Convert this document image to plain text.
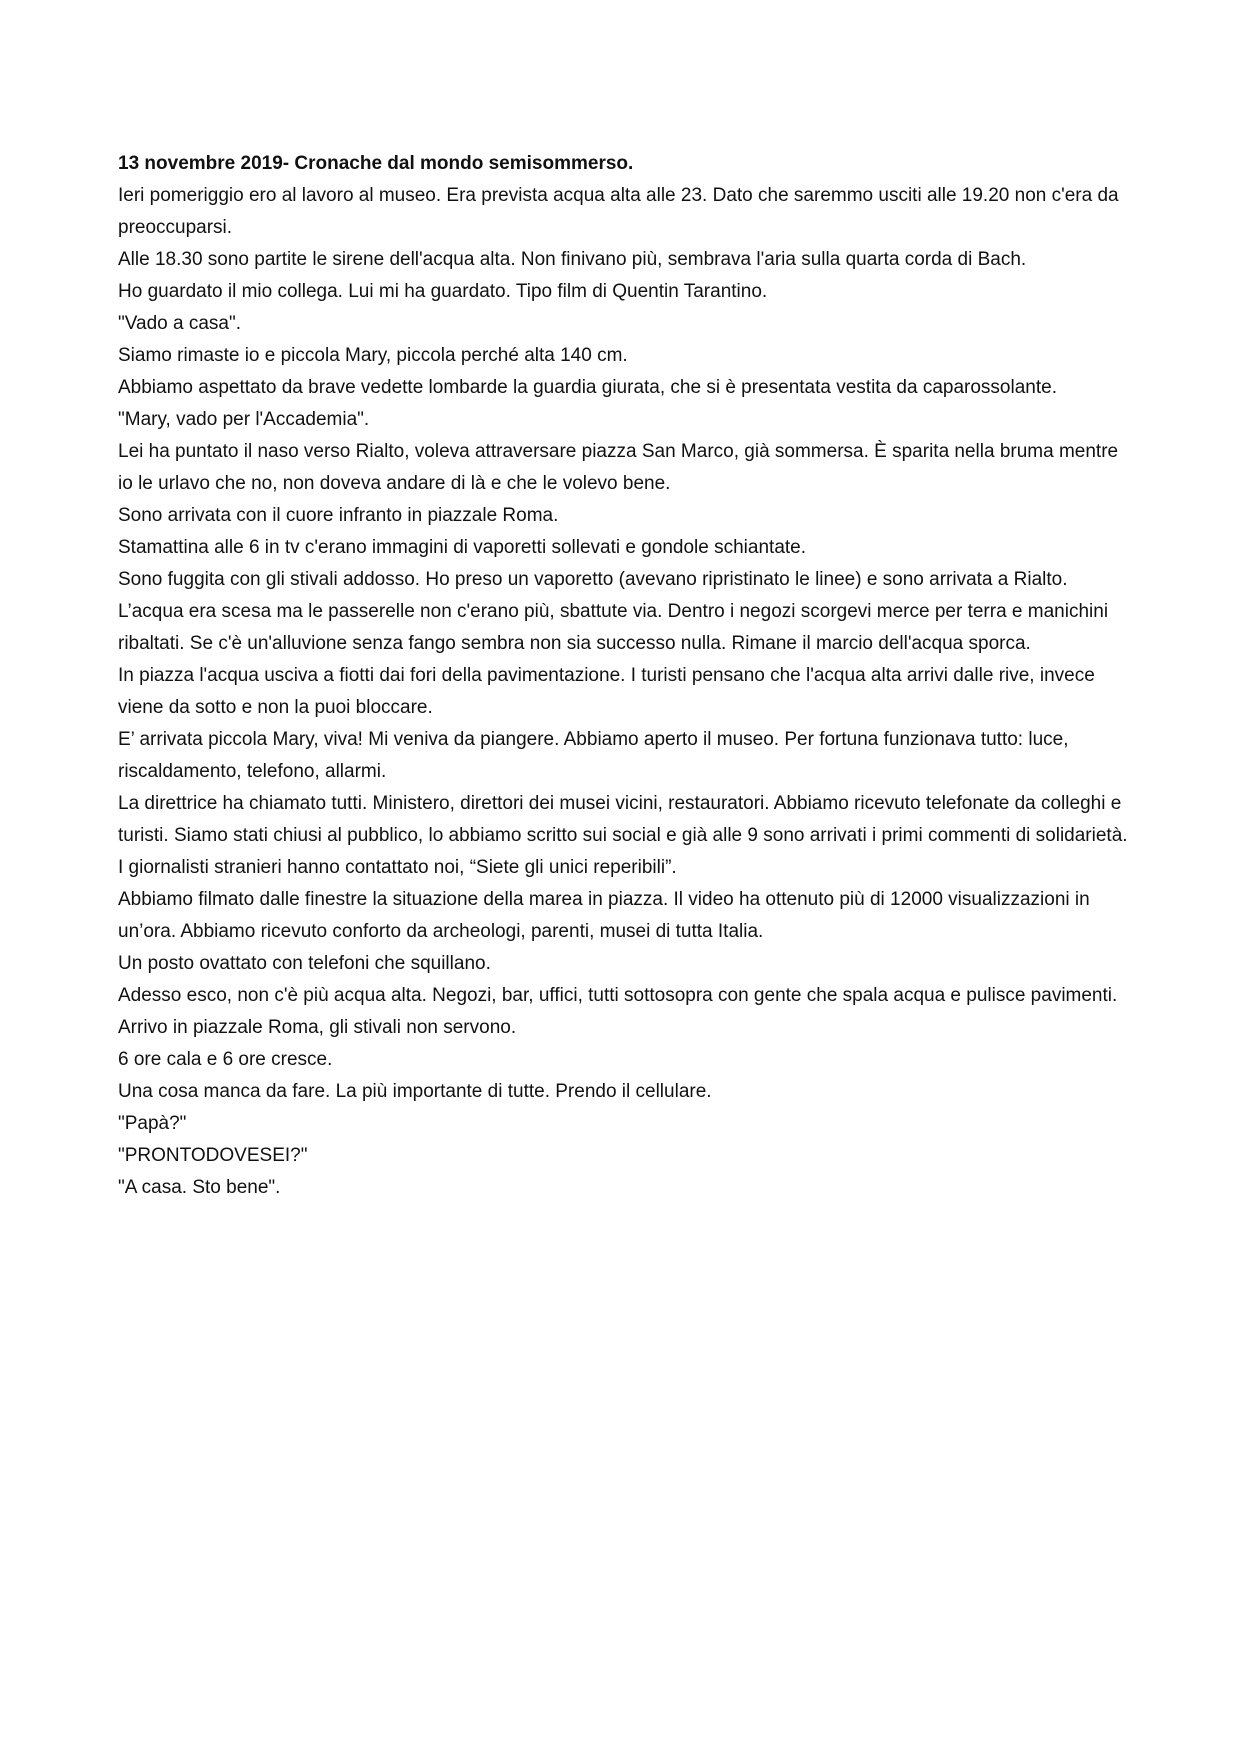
13 novembre 2019- Cronache dal mondo semisommerso.

Ieri pomeriggio ero al lavoro al museo. Era prevista acqua alta alle 23. Dato che saremmo usciti alle 19.20 non c'era da preoccuparsi.

Alle 18.30 sono partite le sirene dell'acqua alta. Non finivano più, sembrava l'aria sulla quarta corda di Bach.

Ho guardato il mio collega. Lui mi ha guardato. Tipo film di Quentin Tarantino.

"Vado a casa".

Siamo rimaste io e piccola Mary, piccola perché alta 140 cm.

Abbiamo aspettato da brave vedette lombarde la guardia giurata, che si è presentata vestita da caparossolante.

"Mary, vado per l'Accademia".

Lei ha puntato il naso verso Rialto, voleva attraversare piazza San Marco, già sommersa. È sparita nella bruma mentre io le urlavo che no, non doveva andare di là e che le volevo bene.

Sono arrivata con il cuore infranto in piazzale Roma.

Stamattina alle 6 in tv c'erano immagini di vaporetti sollevati e gondole schiantate.

Sono fuggita con gli stivali addosso. Ho preso un vaporetto (avevano ripristinato le linee) e sono arrivata a Rialto. L’acqua era scesa ma le passerelle non c'erano più, sbattute via. Dentro i negozi scorgevi merce per terra e manichini ribaltati. Se c'è un'alluvione senza fango sembra non sia successo nulla. Rimane il marcio dell'acqua sporca.

In piazza l'acqua usciva a fiotti dai fori della pavimentazione. I turisti pensano che l'acqua alta arrivi dalle rive, invece viene da sotto e non la puoi bloccare.

E’ arrivata piccola Mary, viva! Mi veniva da piangere. Abbiamo aperto il museo. Per fortuna funzionava tutto: luce, riscaldamento, telefono, allarmi.

La direttrice ha chiamato tutti. Ministero, direttori dei musei vicini, restauratori. Abbiamo ricevuto telefonate da colleghi e turisti. Siamo stati chiusi al pubblico, lo abbiamo scritto sui social e già alle 9 sono arrivati i primi commenti di solidarietà. I giornalisti stranieri hanno contattato noi, “Siete gli unici reperibili”.

Abbiamo filmato dalle finestre la situazione della marea in piazza. Il video ha ottenuto più di 12000 visualizzazioni in un’ora. Abbiamo ricevuto conforto da archeologi, parenti, musei di tutta Italia.

Un posto ovattato con telefoni che squillano.

Adesso esco, non c'è più acqua alta. Negozi, bar, uffici, tutti sottosopra con gente che spala acqua e pulisce pavimenti. Arrivo in piazzale Roma, gli stivali non servono.

6 ore cala e 6 ore cresce.

Una cosa manca da fare. La più importante di tutte. Prendo il cellulare.

"Papà?"

"PRONTODOVESEI?"

"A casa. Sto bene".
